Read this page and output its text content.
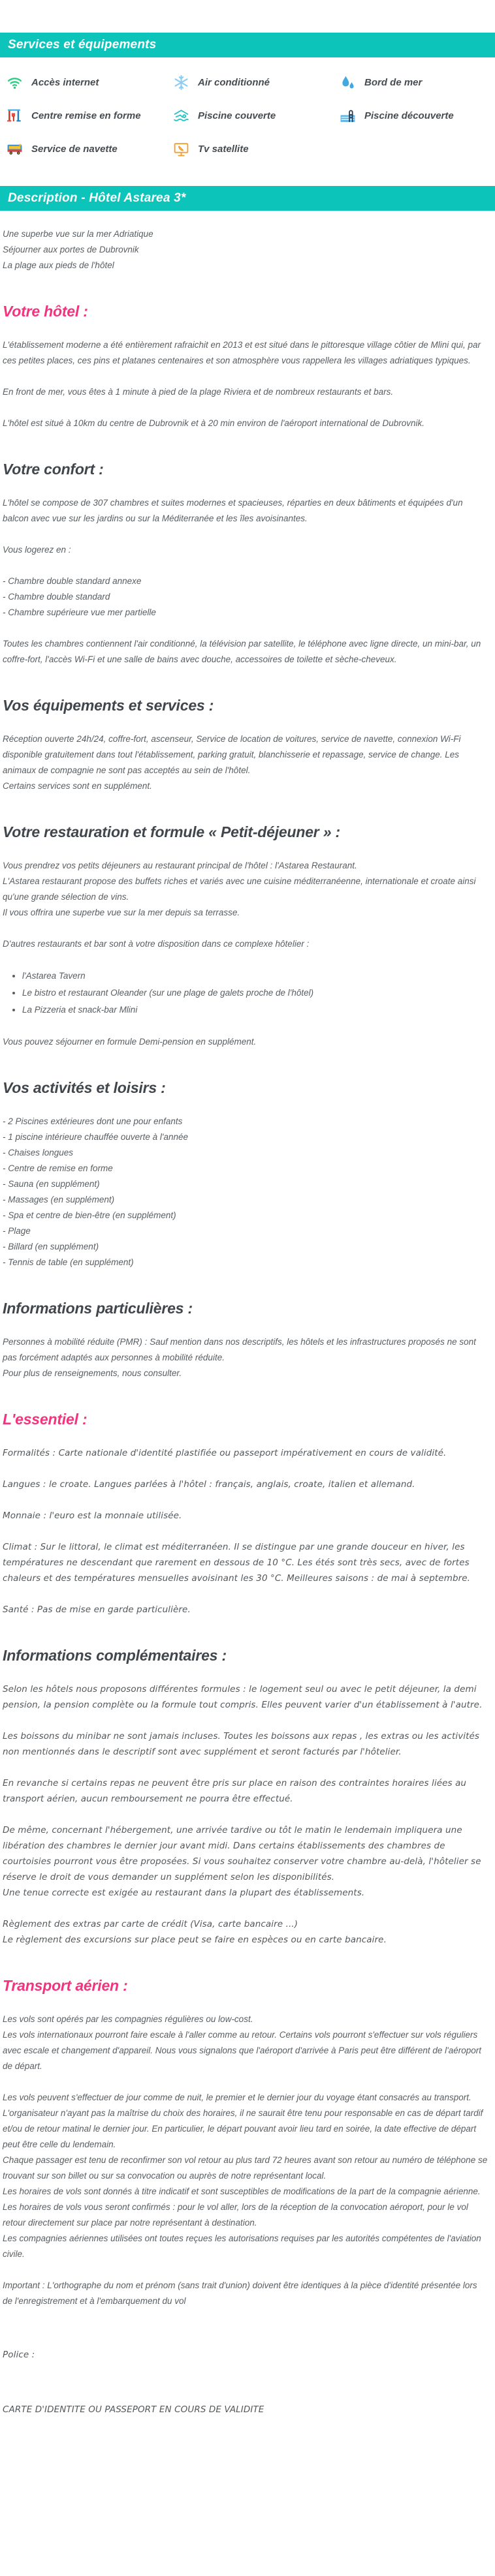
Services et équipements
Accès internet	Air conditionné	Bord de mer
Centre remise en forme	Piscine couverte	Piscine découverte
Service de navette	Tv satellite
Description - Hôtel Astarea 3*
Une superbe vue sur la mer Adriatique
Séjourner aux portes de Dubrovnik
La plage aux pieds de l'hôtel
Votre hôtel :

L'établissement moderne a été entièrement rafraichit en 2013 et est situé dans le pittoresque village côtier de Mlini qui, par ces petites places, ces pins et platanes centenaires et son atmosphère vous rappellera les villages adriatiques typiques.

En front de mer, vous êtes à 1 minute à pied de la plage Riviera et de nombreux restaurants et bars.

L'hôtel est situé à 10km du centre de Dubrovnik et à 20 min environ de l'aéroport international de Dubrovnik.

Votre confort :

L'hôtel se compose de 307 chambres et suites modernes et spacieuses, réparties en deux bâtiments et équipées d'un balcon avec vue sur les jardins ou sur la Méditerranée et les îles avoisinantes.

Vous logerez en :

- Chambre double standard annexe
- Chambre double standard
- Chambre supérieure vue mer partielle

Toutes les chambres contiennent l'air conditionné, la télévision par satellite, le téléphone avec ligne directe, un mini-bar, un coffre-fort, l'accès Wi-Fi et une salle de bains avec douche, accessoires de toilette et sèche-cheveux.

Vos équipements et services :
Réception ouverte 24h/24, coffre-fort, ascenseur, Service de location de voitures, service de navette, connexion Wi-Fi disponible gratuitement dans tout l'établissement, parking gratuit, blanchisserie et repassage, service de change. Les animaux de compagnie ne sont pas acceptés au sein de l'hôtel.
Certains services sont en supplément.
Votre restauration et formule « Petit-déjeuner » :
Vous prendrez vos petits déjeuners au restaurant principal de l'hôtel : l'Astarea Restaurant.
L'Astarea restaurant propose des buffets riches et variés avec une cuisine méditerranéenne, internationale et croate ainsi qu'une grande sélection de vins.
Il vous offrira une superbe vue sur la mer depuis sa terrasse.

D'autres restaurants et bar sont à votre disposition dans ce complexe hôtelier :

• l'Astarea Tavern
• Le bistro et restaurant Oleander (sur une plage de galets proche de l'hôtel)
• La Pizzeria et snack-bar Mlini

Vous pouvez séjourner en formule Demi-pension en supplément.

Vos activités et loisirs :
- 2 Piscines extérieures dont une pour enfants
- 1 piscine intérieure chauffée ouverte à l'année
- Chaises longues
- Centre de remise en forme
- Sauna (en supplément)
- Massages (en supplément)
- Spa et centre de bien-être (en supplément)
- Plage
- Billard (en supplément)
- Tennis de table (en supplément)
Informations particulières :
Personnes à mobilité réduite (PMR) : Sauf mention dans nos descriptifs, les hôtels et les infrastructures proposés ne sont pas forcément adaptés aux personnes à mobilité réduite.
Pour plus de renseignements, nous consulter.
L'essentiel :

Formalités : Carte nationale d'identité plastifiée ou passeport impérativement en cours de validité.

Langues : le croate. Langues parlées à l'hôtel : français, anglais, croate, italien et allemand.

Monnaie : l'euro est la monnaie utilisée.

Climat : Sur le littoral, le climat est méditerranéen. Il se distingue par une grande douceur en hiver, les températures ne descendant que rarement en dessous de 10 °C. Les étés sont très secs, avec de fortes chaleurs et des températures mensuelles avoisinant les 30 °C. Meilleures saisons : de mai à septembre.

Santé : Pas de mise en garde particulière.

Informations complémentaires :

Selon les hôtels nous proposons différentes formules : le logement seul ou avec le petit déjeuner, la demi pension, la pension complète ou la formule tout compris. Elles peuvent varier d'un établissement à l'autre.

Les boissons du minibar ne sont jamais incluses. Toutes les boissons aux repas , les extras ou les activités non mentionnés dans le descriptif sont avec supplément et seront facturés par l'hôtelier.

En revanche si certains repas ne peuvent être pris sur place en raison des contraintes horaires liées au transport aérien, aucun remboursement ne pourra être effectué.

De même, concernant l'hébergement, une arrivée tardive ou tôt le matin le lendemain impliquera une libération des chambres le dernier jour avant midi. Dans certains établissements des chambres de courtoisies pourront vous être proposées. Si vous souhaitez conserver votre chambre au-delà, l'hôtelier se réserve le droit de vous demander un supplément selon les disponibilités.
Une tenue correcte est exigée au restaurant dans la plupart des établissements.
Règlement des extras par carte de crédit (Visa, carte bancaire ...)
Le règlement des excursions sur place peut se faire en espèces ou en carte bancaire.
Transport aérien :
Les vols sont opérés par les compagnies régulières ou low-cost.
Les vols internationaux pourront faire escale à l'aller comme au retour. Certains vols pourront s'effectuer sur vols réguliers avec escale et changement d'appareil. Nous vous signalons que l'aéroport d'arrivée à Paris peut être différent de l'aéroport de départ.
Les vols peuvent s'effectuer de jour comme de nuit, le premier et le dernier jour du voyage étant consacrés au transport. L'organisateur n'ayant pas la maîtrise du choix des horaires, il ne saurait être tenu pour responsable en cas de départ tardif et/ou de retour matinal le dernier jour. En particulier, le départ pouvant avoir lieu tard en soirée, la date effective de départ peut être celle du lendemain.
Chaque passager est tenu de reconfirmer son vol retour au plus tard 72 heures avant son retour au numéro de téléphone se trouvant sur son billet ou sur sa convocation ou auprès de notre représentant local.
Les horaires de vols sont donnés à titre indicatif et sont susceptibles de modifications de la part de la compagnie aérienne. Les horaires de vols vous seront confirmés : pour le vol aller, lors de la réception de la convocation aéroport, pour le vol retour directement sur place par notre représentant à destination.
Les compagnies aériennes utilisées ont toutes reçues les autorisations requises par les autorités compétentes de l'aviation civile.

Important : L'orthographe du nom et prénom (sans trait d'union) doivent être identiques à la pièce d'identité présentée lors de l'enregistrement et à l'embarquement du vol

Police :

CARTE D'IDENTITE OU PASSEPORT EN COURS DE VALIDITE
